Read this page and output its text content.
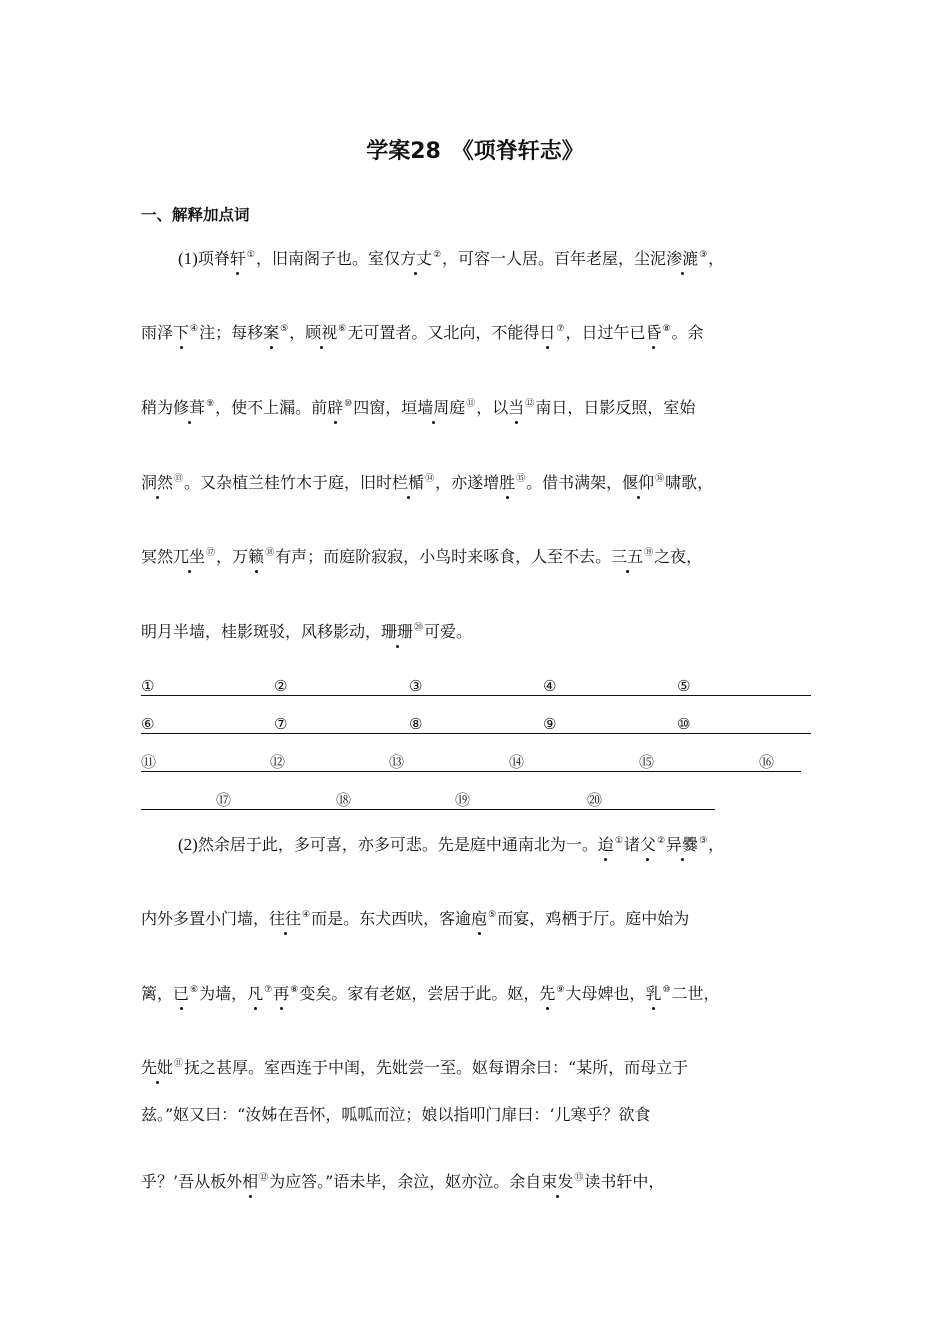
学案28　《项脊轩志》
一、解释加点词
(1)项脊轩①，旧南阁子也。室仅方丈②，可容一人居。百年老屋，尘泥渗漉③，
雨泽下④注；每移案⑤，顾视⑥无可置者。又北向，不能得日⑦，日过午已昏⑧。余
稍为修葺⑨，使不上漏。前辟⑩四窗，垣墙周庭⑪，以当⑫南日，日影反照，室始
洞然⑬。又杂植兰桂竹木于庭，旧时栏楯⑭，亦遂增胜⑮。借书满架，偃仰⑯啸歌，
冥然兀坐⑰，万籁⑱有声；而庭阶寂寂，小鸟时来啄食，人至不去。三五⑲之夜，
明月半墙，桂影斑驳，风移影动，珊珊⑳可爱。
①	②	③	④	⑤
⑥	⑦	⑧	⑨	⑩
⑪	⑫	⑬	⑭	⑮	⑯
⑰	⑱	⑲	⑳
(2)然余居于此，多可喜，亦多可悲。先是庭中通南北为一。迨①诸父②异爨③，
内外多置小门墙，往往④而是。东犬西吠，客逾庖⑤而宴，鸡栖于厅。庭中始为
篱，已⑥为墙，凡⑦再⑧变矣。家有老妪，尝居于此。妪，先⑨大母婢也，乳⑩二世，
先妣⑪抚之甚厚。室西连于中闺，先妣尝一至。妪每谓余曰：“某所，而母立于
兹。”妪又曰：“汝姊在吾怀，呱呱而泣；娘以指叩门扉曰：‘儿寒乎？欲食
乎？’吾从板外相⑫为应答。”语未毕，余泣，妪亦泣。余自束发⑬读书轩中，
